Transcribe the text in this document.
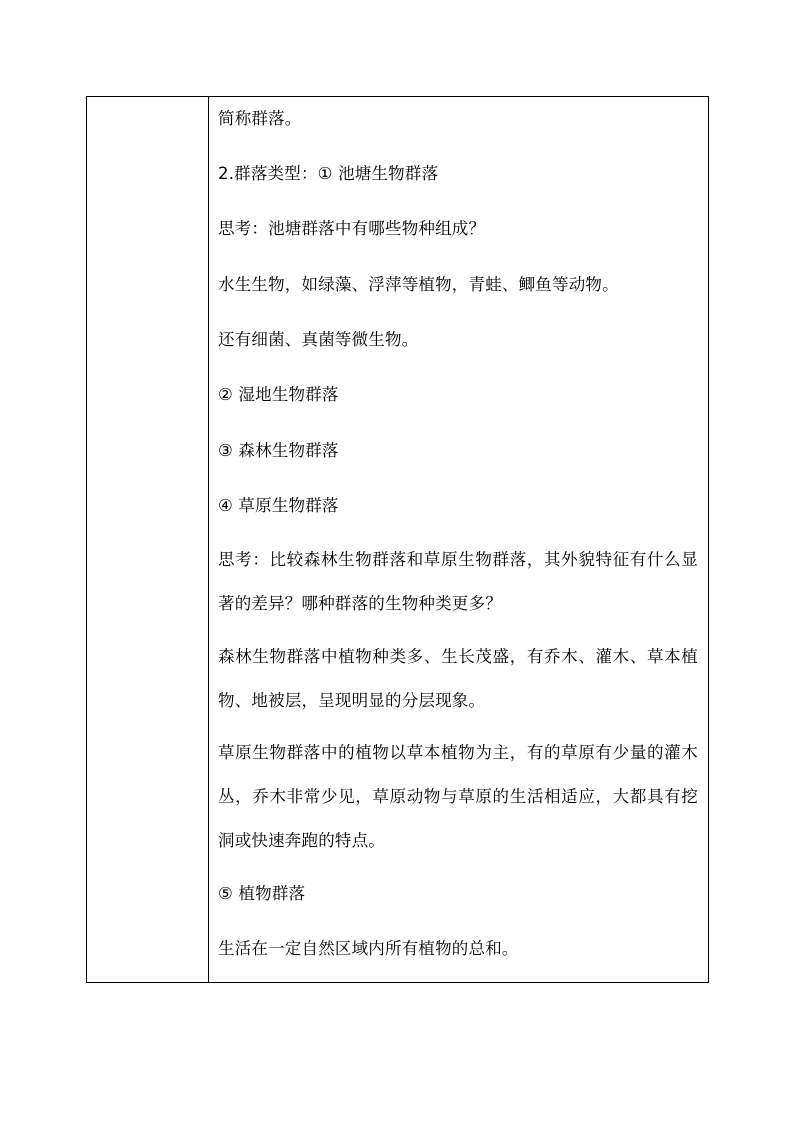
简称群落。

2.群落类型：① 池塘生物群落

思考：池塘群落中有哪些物种组成？

水生生物，如绿藻、浮萍等植物，青蛙、鲫鱼等动物。

还有细菌、真菌等微生物。

② 湿地生物群落

③ 森林生物群落

④ 草原生物群落

思考：比较森林生物群落和草原生物群落，其外貌特征有什么显著的差异？哪种群落的生物种类更多？

森林生物群落中植物种类多、生长茂盛，有乔木、灌木、草本植物、地被层，呈现明显的分层现象。

草原生物群落中的植物以草本植物为主，有的草原有少量的灌木丛，乔木非常少见，草原动物与草原的生活相适应，大都具有挖洞或快速奔跑的特点。

⑤ 植物群落

生活在一定自然区域内所有植物的总和。
